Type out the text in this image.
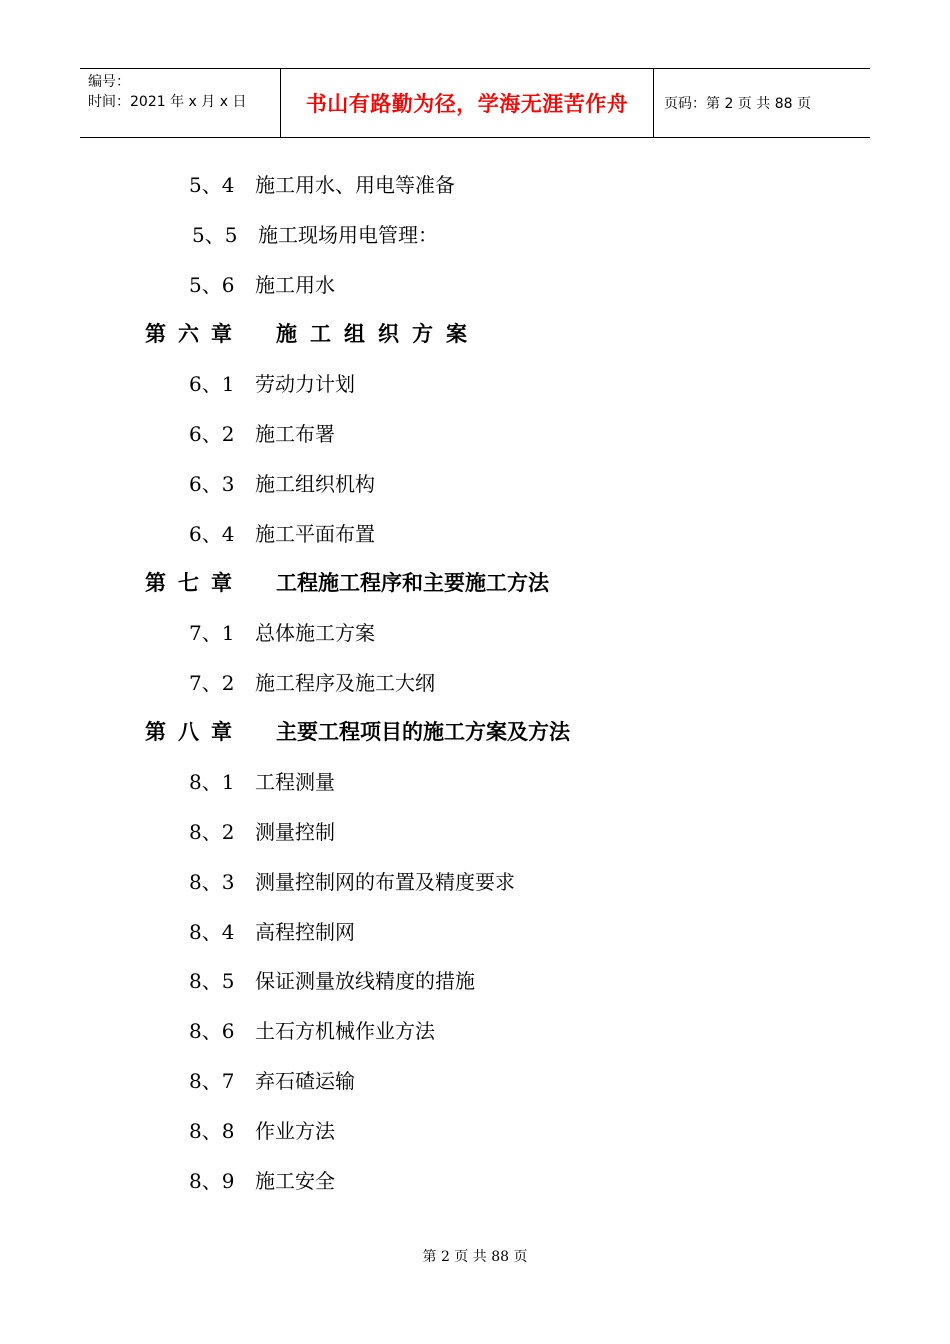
编号：
时间：2021 年 x 月 x 日	书山有路勤为径，学海无涯苦作舟	页码：第 2 页 共 88 页
5、4 施工用水、用电等准备
5、5 施工现场用电管理：
5、6 施工用水
第六章 施工组织方案
6、1 劳动力计划
6、2 施工布署
6、3 施工组织机构
6、4 施工平面布置
第七章 工程施工程序和主要施工方法
7、1 总体施工方案
7、2 施工程序及施工大纲
第八章 主要工程项目的施工方案及方法
8、1 工程测量
8、2 测量控制
8、3 测量控制网的布置及精度要求
8、4 高程控制网
8、5 保证测量放线精度的措施
8、6 土石方机械作业方法
8、7 弃石碴运输
8、8 作业方法
8、9 施工安全
第 2 页 共 88 页
